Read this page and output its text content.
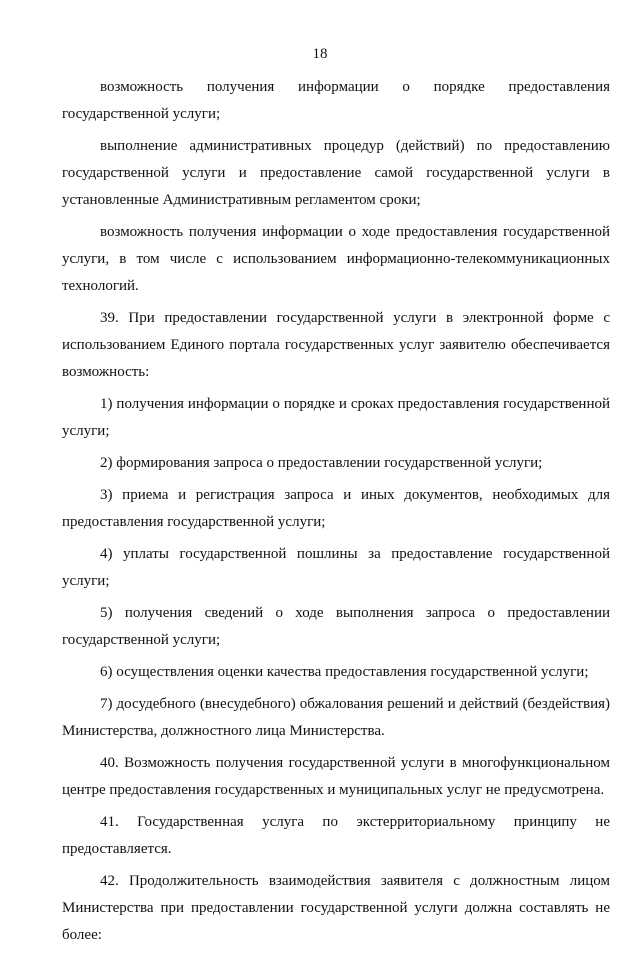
18

возможность получения информации о порядке предоставления государственной услуги;

выполнение административных процедур (действий) по предоставлению государственной услуги и предоставление самой государственной услуги в установленные Административным регламентом сроки;

возможность получения информации о ходе предоставления государственной услуги, в том числе с использованием информационно-телекоммуникационных технологий.

39. При предоставлении государственной услуги в электронной форме с использованием Единого портала государственных услуг заявителю обеспечивается возможность:

1) получения информации о порядке и сроках предоставления государственной услуги;

2) формирования запроса о предоставлении государственной услуги;

3) приема и регистрация запроса и иных документов, необходимых для предоставления государственной услуги;

4) уплаты государственной пошлины за предоставление государственной услуги;

5) получения сведений о ходе выполнения запроса о предоставлении государственной услуги;

6) осуществления оценки качества предоставления государственной услуги;

7) досудебного (внесудебного) обжалования решений и действий (бездействия) Министерства, должностного лица Министерства.

40. Возможность получения государственной услуги в многофункциональном центре предоставления государственных и муниципальных услуг не предусмотрена.

41. Государственная услуга по экстерриториальному принципу не предоставляется.

42. Продолжительность взаимодействия заявителя с должностным лицом Министерства при предоставлении государственной услуги должна составлять не более:
